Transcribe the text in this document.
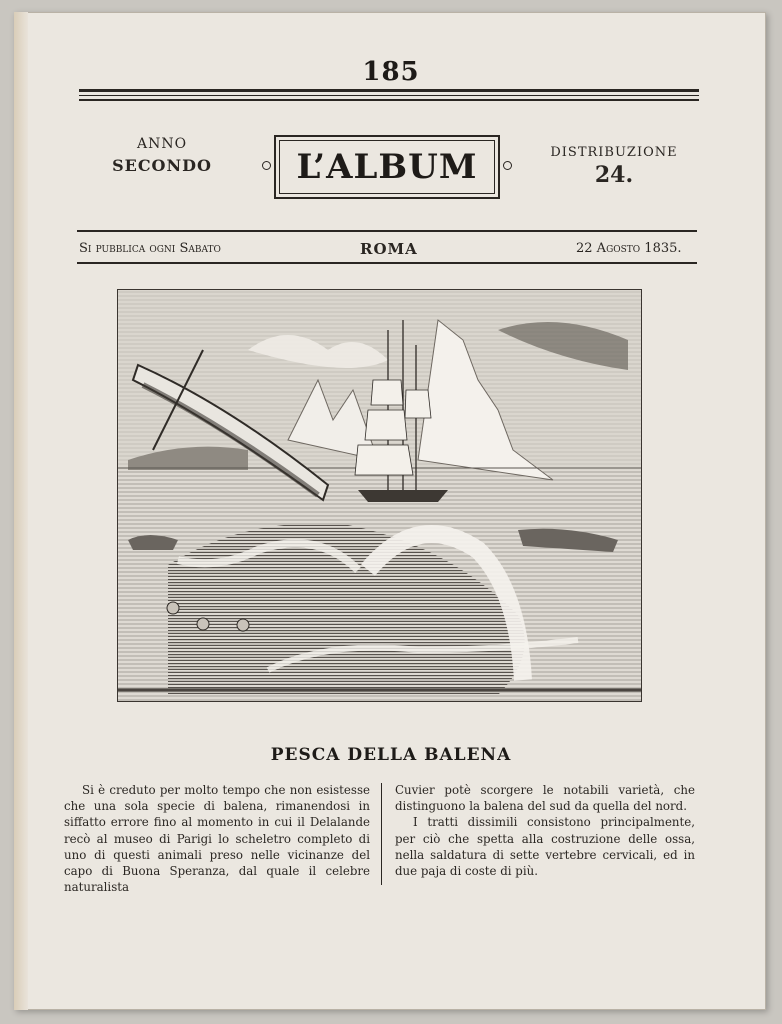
185
ANNO
SECONDO	L’ALBUM	DISTRIBUZIONE
24.
Si pubblica ogni Sabato	ROMA	22 Agosto 1835.
PESCA DELLA BALENA

Si è creduto per molto tempo che non esistesse che una sola specie di balena, rimanendosi in siffatto errore fino al momento in cui il Delalande recò al museo di Parigi lo scheletro completo di uno di questi animali preso nelle vicinanze del capo di Buona Speranza, dal quale il celebre naturalista

Cuvier potè scorgere le notabili varietà, che distinguono la balena del sud da quella del nord.

I tratti dissimili consistono principalmente, per ciò che spetta alla costruzione delle ossa, nella saldatura di sette vertebre cervicali, ed in due paja di coste di più.
